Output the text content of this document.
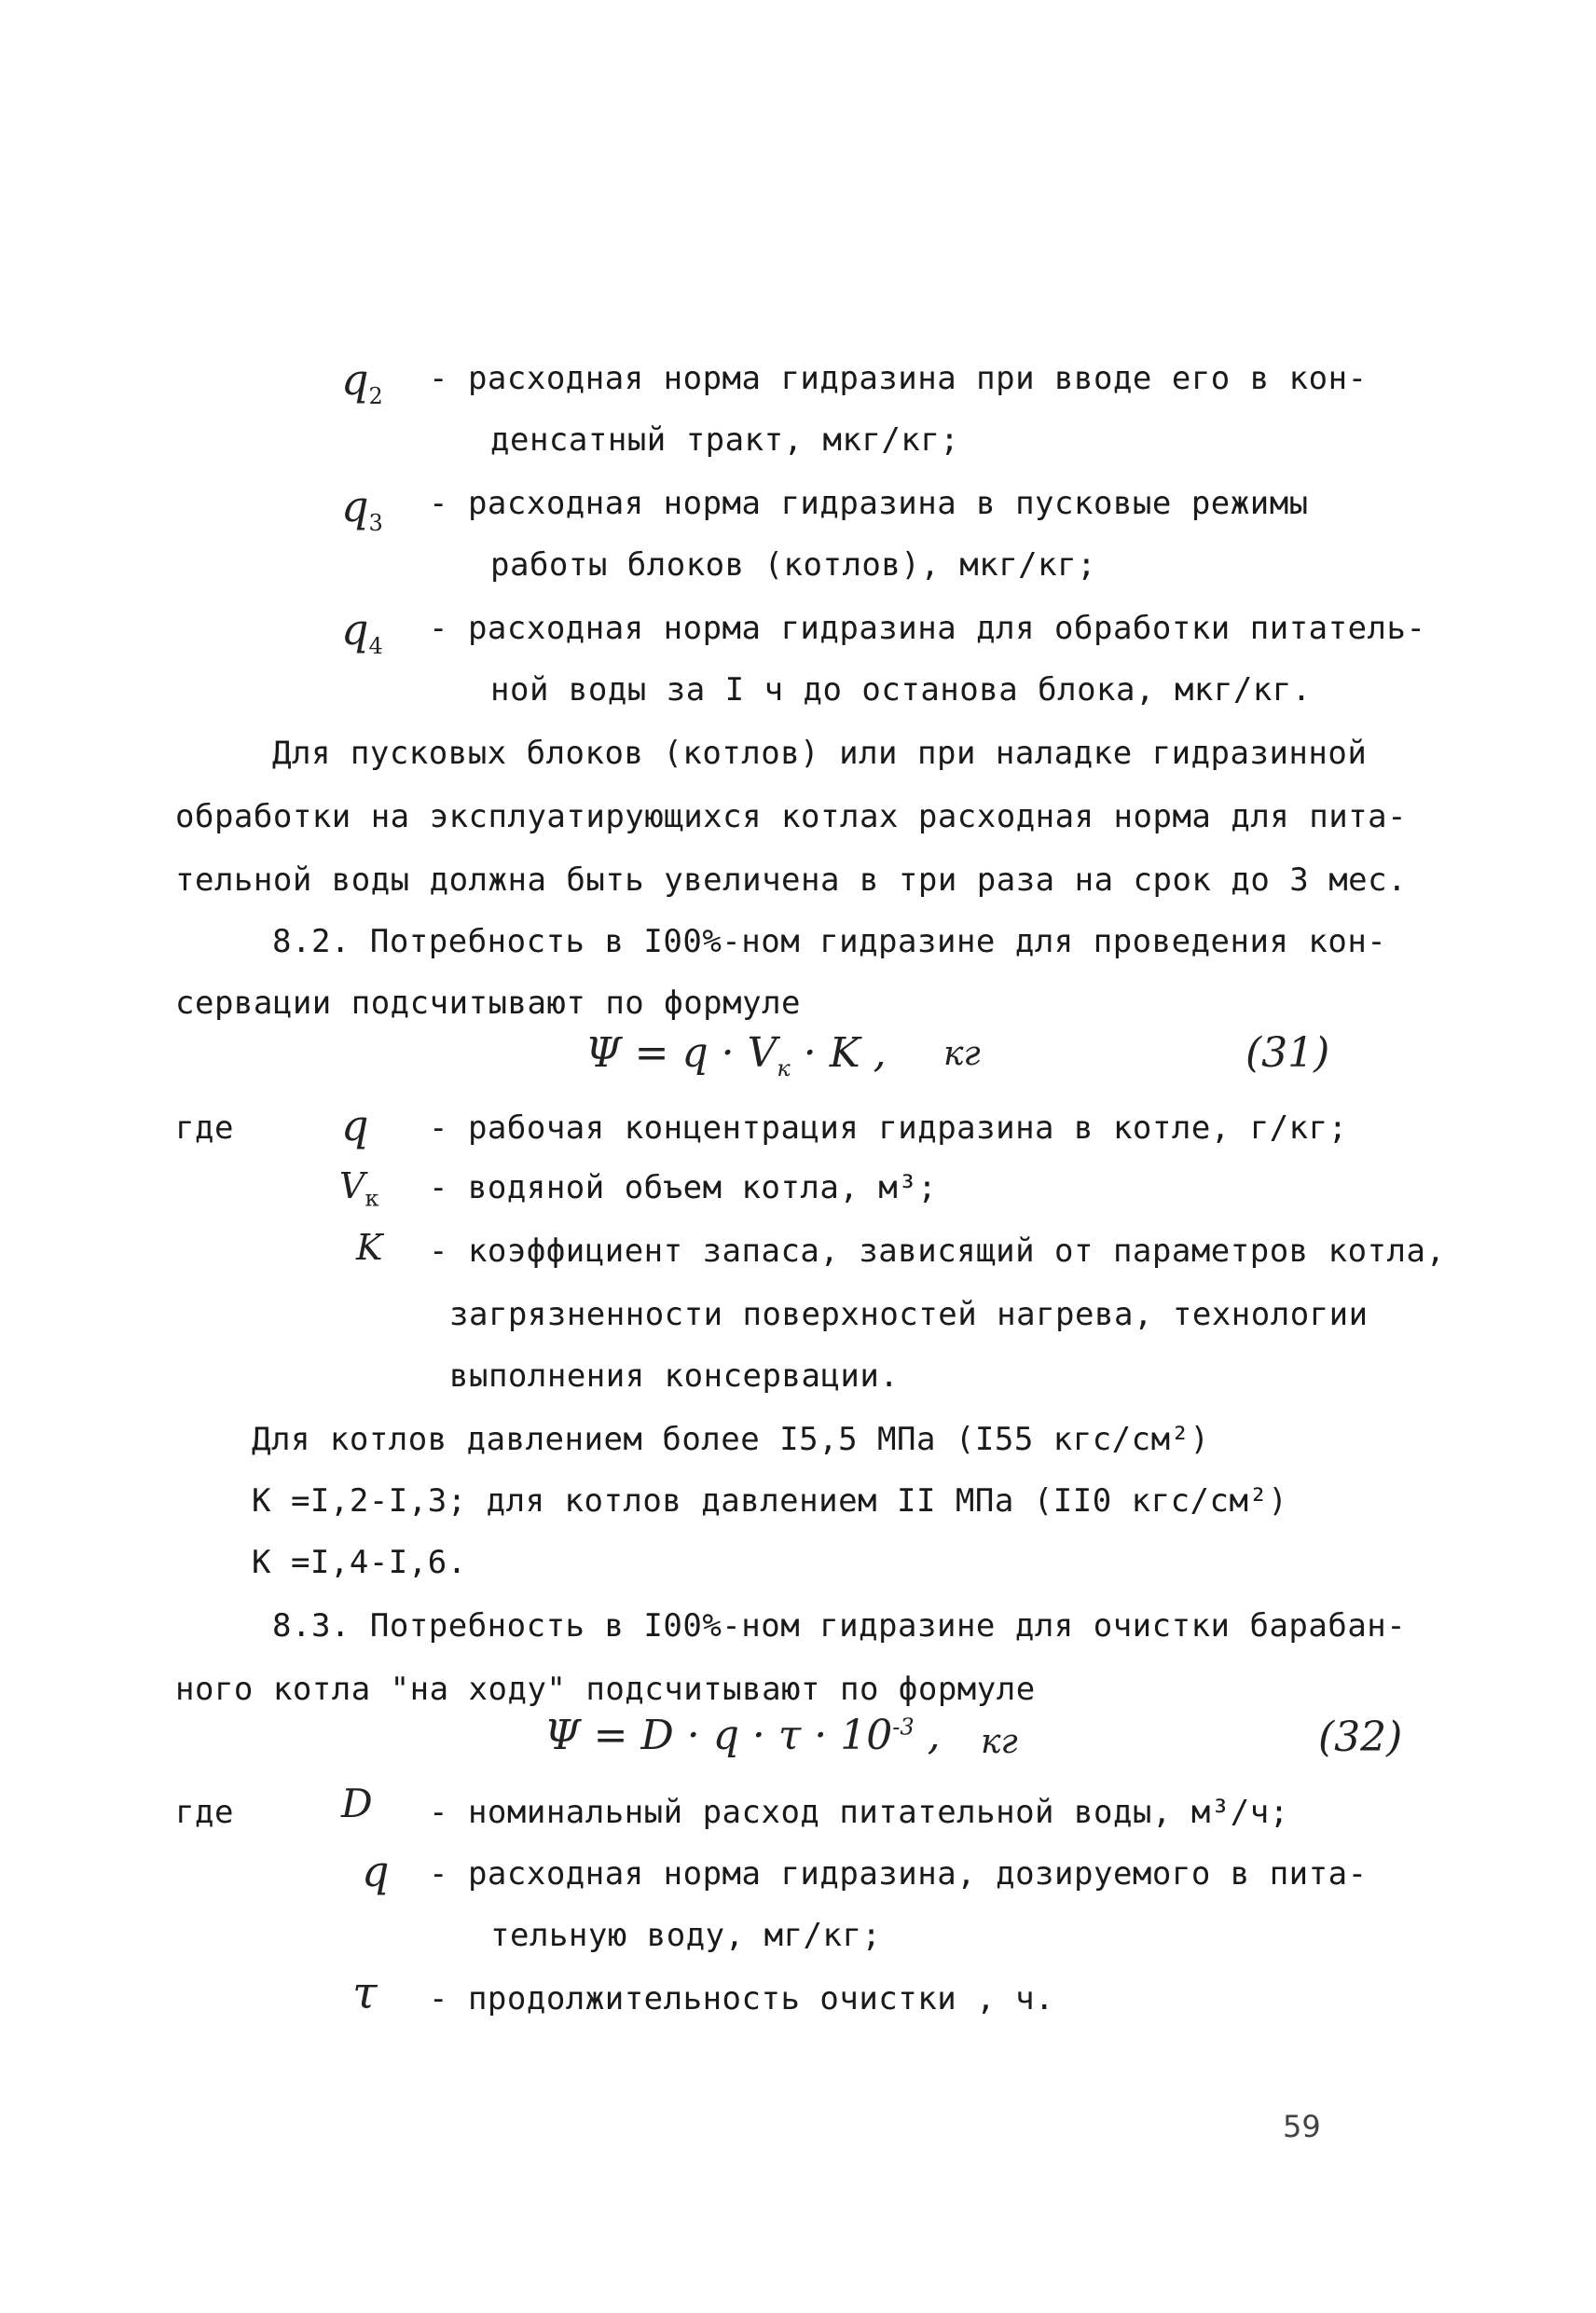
$q_2$ - расходная норма гидразина при вводе его в кон-
денсатный тракт, мкг/кг;
$q_3$
- расходная норма гидразина в пусковые режимы
работы блоков (котлов), мкг/кг;
$q_4$ - расходная норма гидразина для обработки питатель-
ной воды за I ч до останова блока, мкг/кг.
Для пусковых блоков (котлов) или при наладке гидразинной
обработки на эксплуатирующихся котлах расходная норма для пита-
тельной воды должна быть увеличена в три раза на срок до 3 мес.
8.2. Потребность в I00%-ном гидразине для проведения кон-
сервации подсчитывают по формуле
$\Psi = q \cdot V_к \cdot K$ , кг	(31)
где	q - рабочая концентрация гидразина в котле, г/кг;
$V_к$ - водяной объем котла, м³;
K - коэффициент запаса, зависящий от параметров котла,
загрязненности поверхностей нагрева, технологии
выполнения консервации.
Для котлов давлением более I5,5 МПа (I55 кгс/см²)
K =I,2-I,3; для котлов давлением II МПа (II0 кгс/см²)
K =I,4-I,6.
8.3. Потребность в I00%-ном гидразине для очистки барабан-
ного котла "на ходу" подсчитывают по формуле
$\Psi = D \cdot q \cdot \tau \cdot 10^{-3}$ , кг	(32)
где	D - номинальный расход питательной воды, м³/ч;
q - расходная норма гидразина, дозируемого в пита-
тельную воду, мг/кг;
τ - продолжительность очистки , ч.
59
